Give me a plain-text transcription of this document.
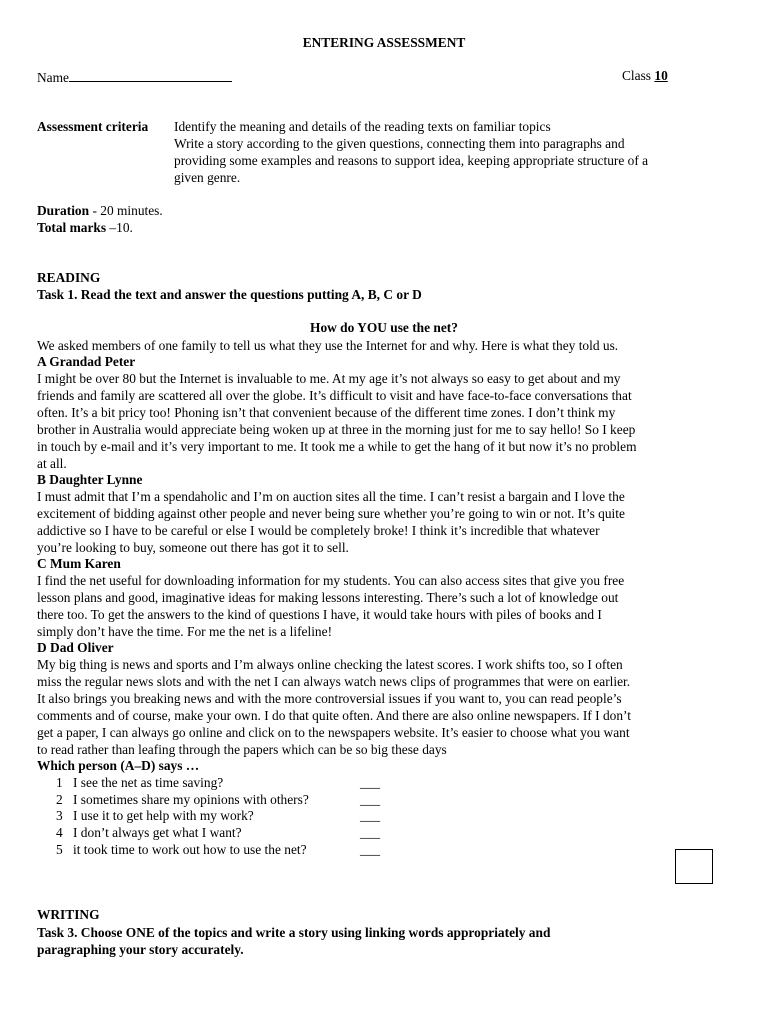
ENTERING ASSESSMENT
Name	Class 10
Assessment criteria Identify the meaning and details of the reading texts on familiar topics
Write a story according to the given questions, connecting them into paragraphs and
providing some examples and reasons to support idea, keeping appropriate structure of a
given genre.
Duration - 20 minutes.
Total marks –10.
READING
Task 1. Read the text and answer the questions putting A, B, C or D
How do YOU use the net?
We asked members of one family to tell us what they use the Internet for and why. Here is what they told us.
A Grandad Peter
I might be over 80 but the Internet is invaluable to me. At my age it’s not always so easy to get about and my
friends and family are scattered all over the globe. It’s difficult to visit and have face-to-face conversations that
often. It’s a bit pricy too! Phoning isn’t that convenient because of the different time zones. I don’t think my
brother in Australia would appreciate being woken up at three in the morning just for me to say hello! So I keep
in touch by e-mail and it’s very important to me. It took me a while to get the hang of it but now it’s no problem
at all.
B Daughter Lynne
I must admit that I’m a spendaholic and I’m on auction sites all the time. I can’t resist a bargain and I love the
excitement of bidding against other people and never being sure whether you’re going to win or not. It’s quite
addictive so I have to be careful or else I would be completely broke! I think it’s incredible that whatever
you’re looking to buy, someone out there has got it to sell.
C Mum Karen
I find the net useful for downloading information for my students. You can also access sites that give you free
lesson plans and good, imaginative ideas for making lessons interesting. There’s such a lot of knowledge out
there too. To get the answers to the kind of questions I have, it would take hours with piles of books and I
simply don’t have the time. For me the net is a lifeline!
D Dad Oliver
My big thing is news and sports and I’m always online checking the latest scores. I work shifts too, so I often
miss the regular news slots and with the net I can always watch news clips of programmes that were on earlier.
It also brings you breaking news and with the more controversial issues if you want to, you can read people’s
comments and of course, make your own. I do that quite often. And there are also online newspapers. If I don’t
get a paper, I can always go online and click on to the newspapers website. It’s easier to choose what you want
to read rather than leafing through the papers which can be so big these days
Which person (A–D) says …
1 I see the net as time saving?	___
2 I sometimes share my opinions with others?	___
3 I use it to get help with my work?	___
4 I don’t always get what I want?	___
5 it took time to work out how to use the net?	___
WRITING
Task 3. Choose ONE of the topics and write a story using linking words appropriately and
paragraphing your story accurately.
